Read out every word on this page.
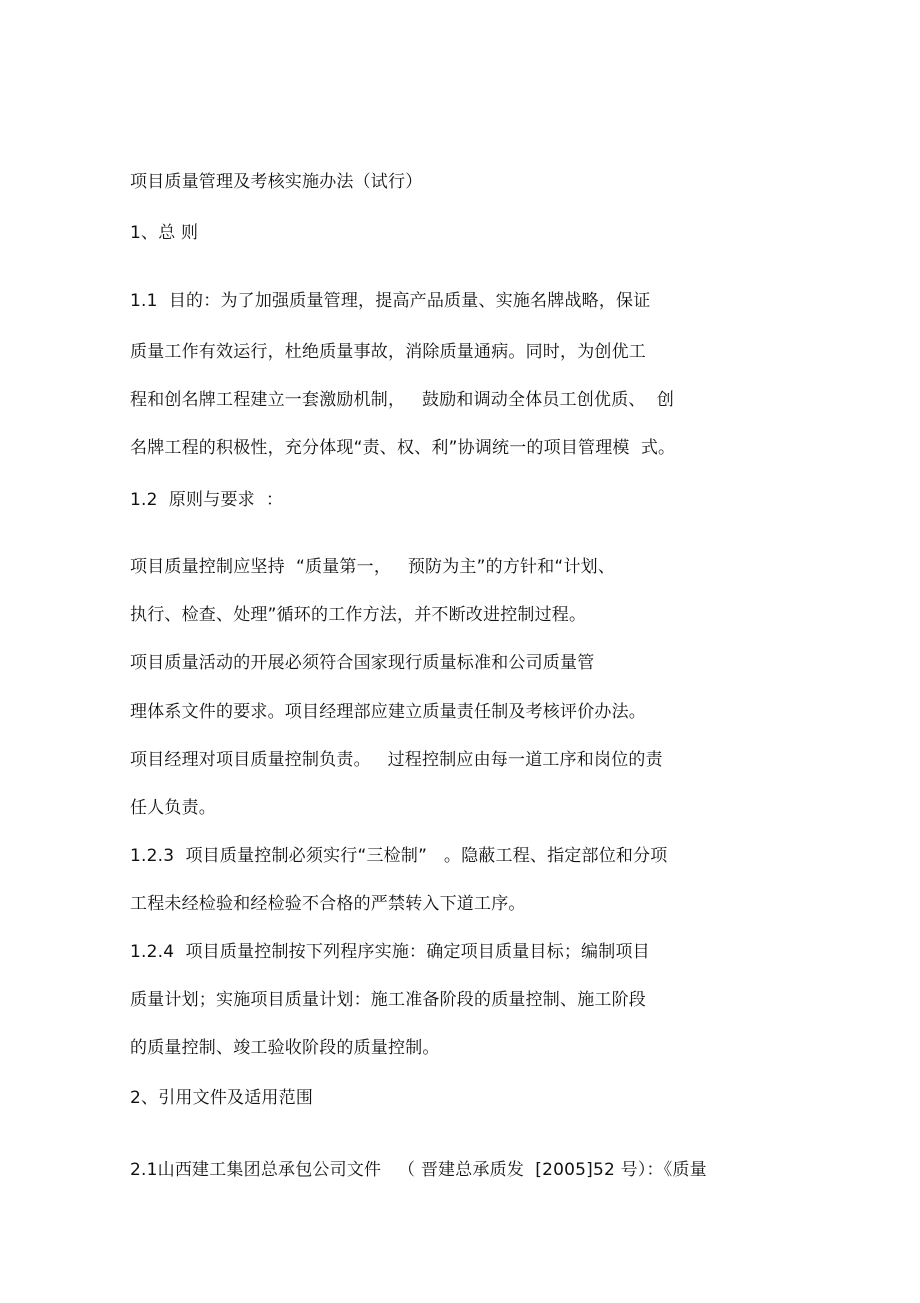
项目质量管理及考核实施办法（试行）
1、总 则
1.1  目的：为了加强质量管理，提高产品质量、实施名牌战略，保证
质量工作有效运行，杜绝质量事故，消除质量通病。同时，为创优工
程和创名牌工程建立一套激励机制，   鼓励和调动全体员工创优质、  创
名牌工程的积极性，充分体现“责、权、利”协调统一的项目管理模  式。
1.2  原则与要求  ：
项目质量控制应坚持  “质量第一，   预防为主”的方针和“计划、
执行、检查、处理”循环的工作方法，并不断改进控制过程。
项目质量活动的开展必须符合国家现行质量标准和公司质量管
理体系文件的要求。项目经理部应建立质量责任制及考核评价办法。
项目经理对项目质量控制负责。   过程控制应由每一道工序和岗位的责
任人负责。
1.2.3  项目质量控制必须实行“三检制”   。隐蔽工程、指定部位和分项
工程未经检验和经检验不合格的严禁转入下道工序。
1.2.4  项目质量控制按下列程序实施：确定项目质量目标；编制项目
质量计划；实施项目质量计划：施工准备阶段的质量控制、施工阶段
的质量控制、竣工验收阶段的质量控制。
2、引用文件及适用范围
2.1山西建工集团总承包公司文件   （ 晋建总承质发  [2005]52 号）：《质量
